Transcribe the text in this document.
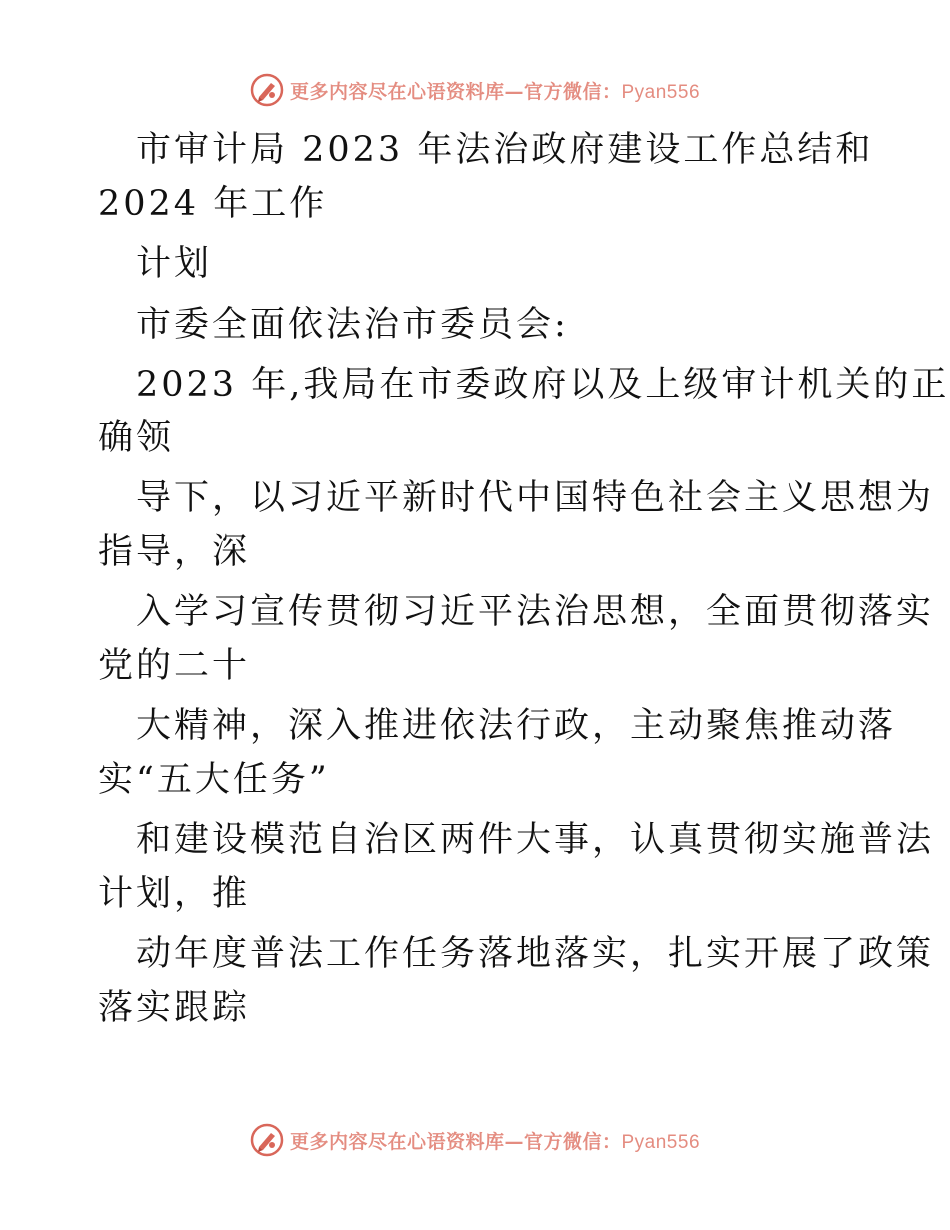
更多内容尽在心语资料库—官方微信：Pyan556
市审计局 2023 年法治政府建设工作总结和
2024 年工作
计划
市委全面依法治市委员会:
2023 年,我局在市委政府以及上级审计机关的正
确领
导下，以习近平新时代中国特色社会主义思想为
指导，深
入学习宣传贯彻习近平法治思想，全面贯彻落实
党的二十
大精神，深入推进依法行政，主动聚焦推动落
实“五大任务”
和建设模范自治区两件大事，认真贯彻实施普法
计划，推
动年度普法工作任务落地落实，扎实开展了政策
落实跟踪
更多内容尽在心语资料库—官方微信：Pyan556
